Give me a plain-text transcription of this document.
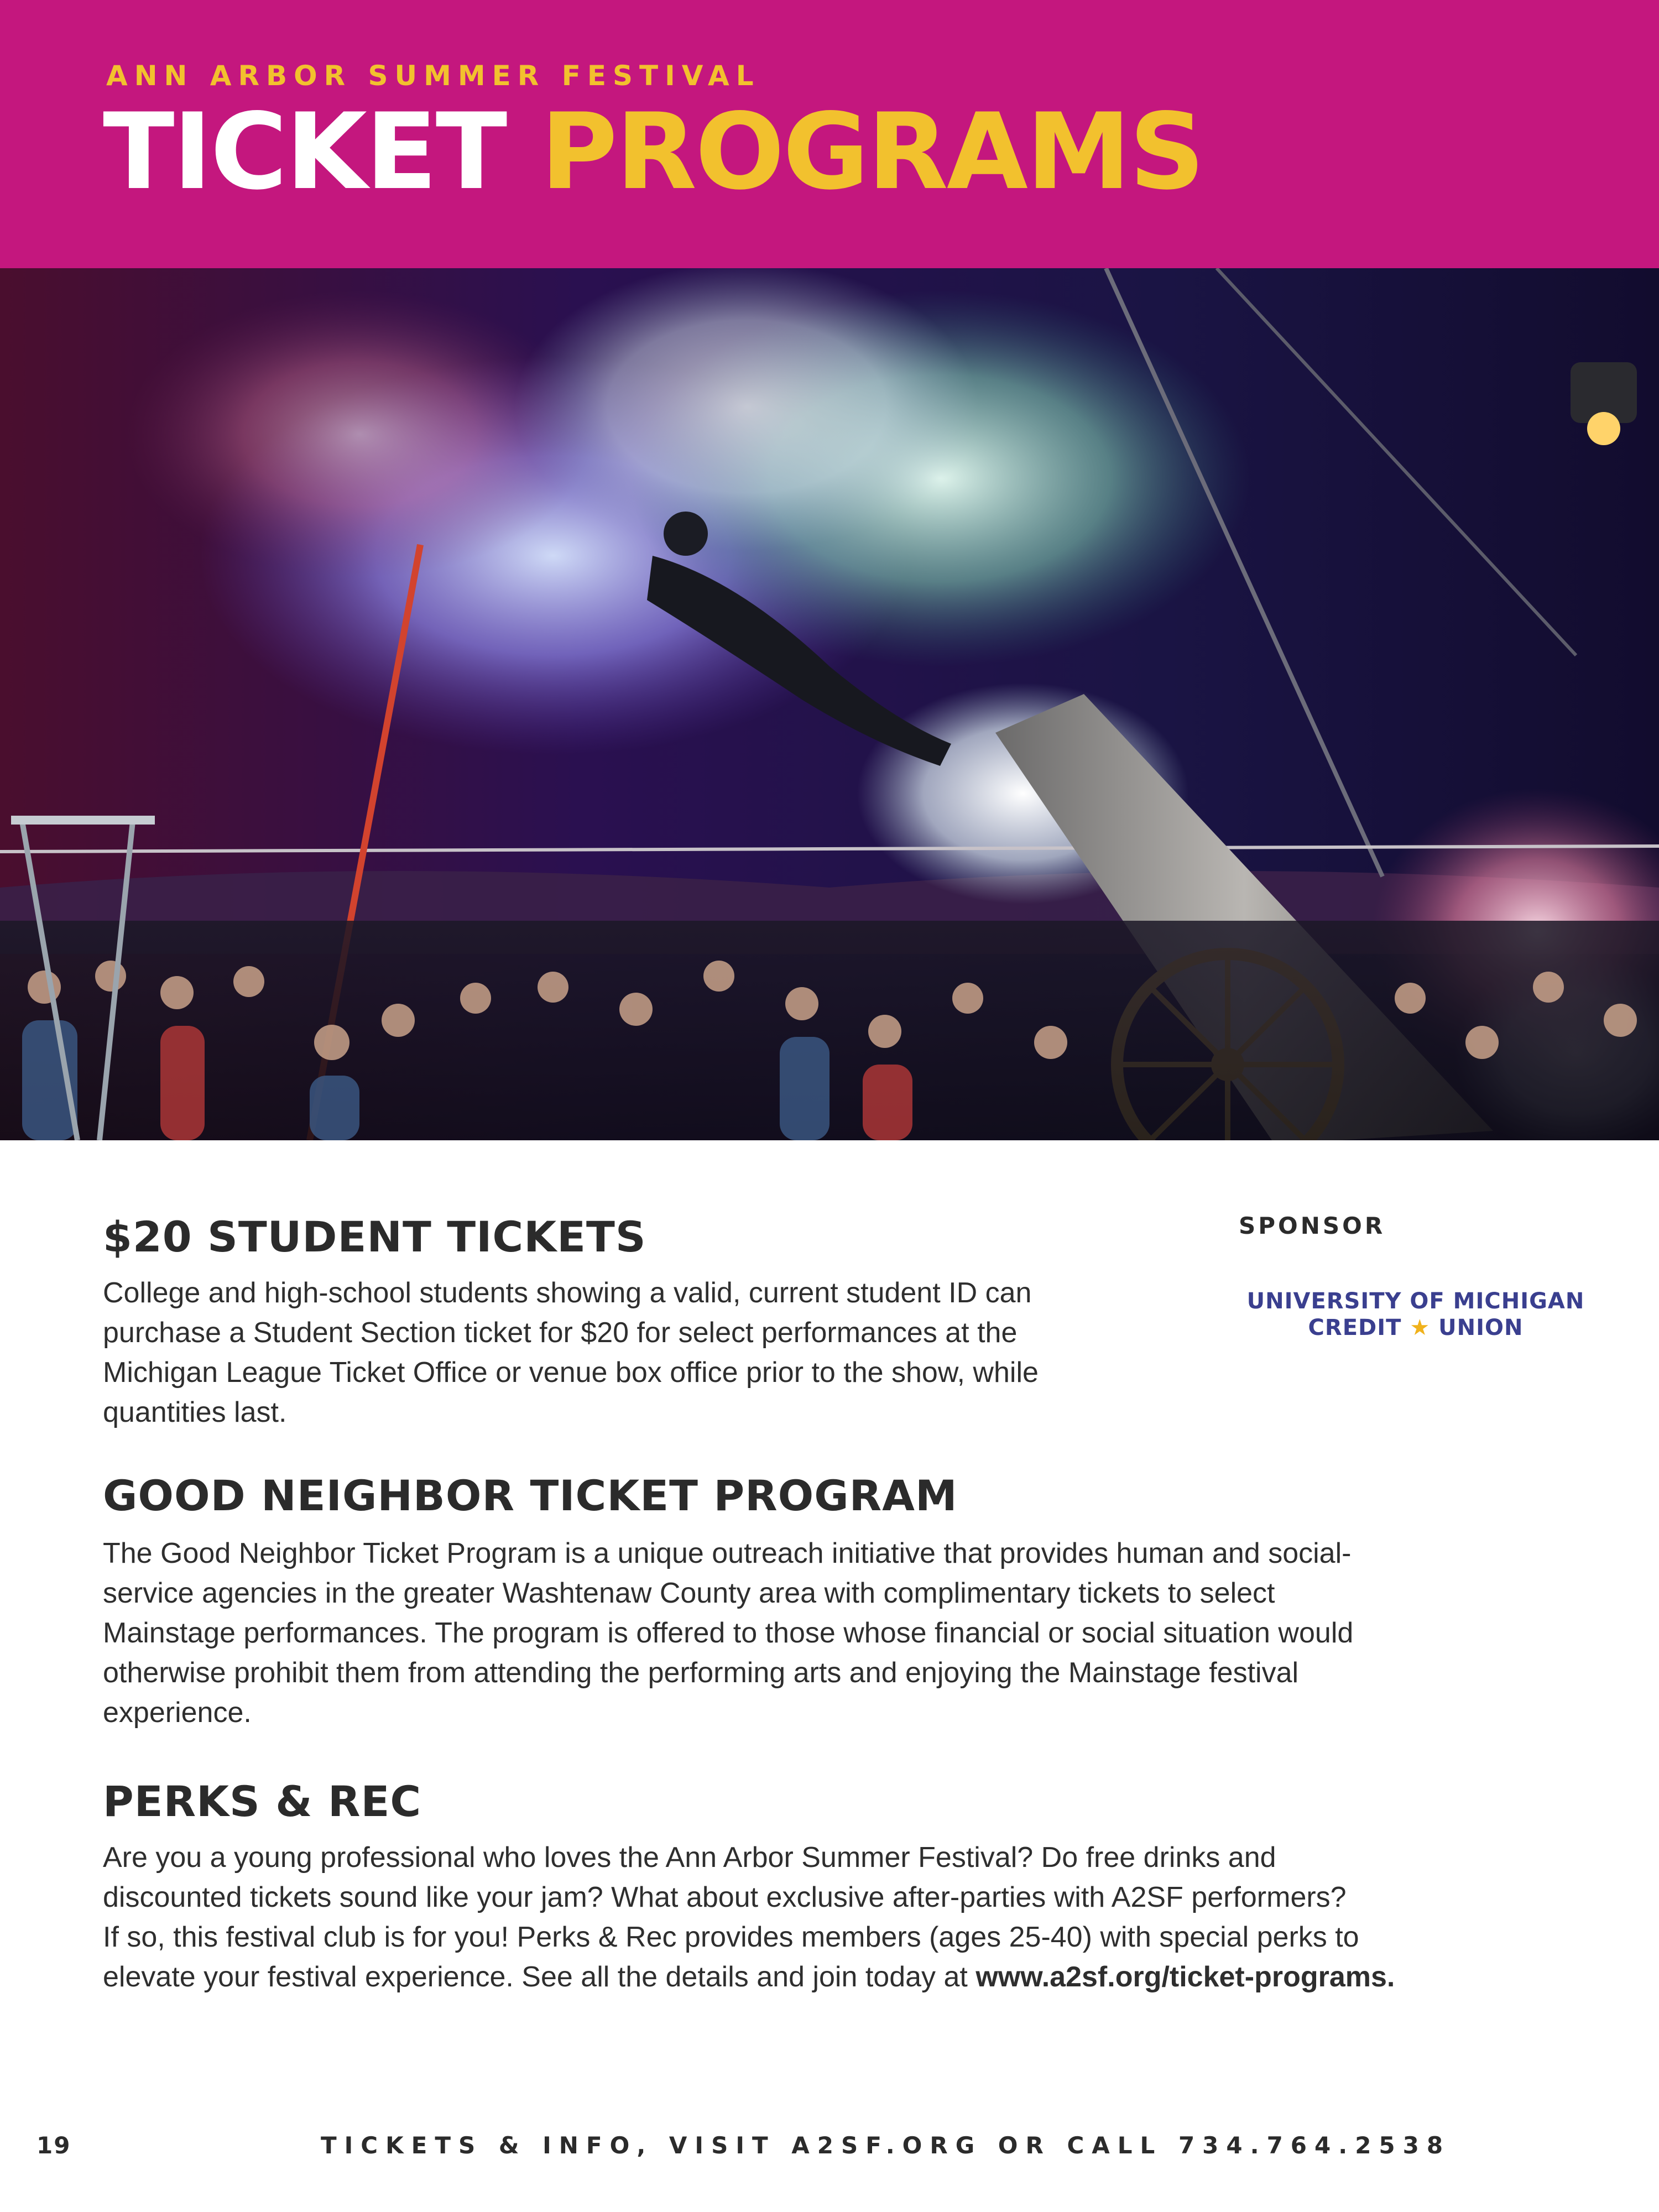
ANN ARBOR SUMMER FESTIVAL
TICKET PROGRAMS
$20 STUDENT TICKETS
College and high-school students showing a valid, current student ID can
purchase a Student Section ticket for $20 for select performances at the
Michigan League Ticket Office or venue box office prior to the show, while
quantities last.
SPONSOR
UNIVERSITY OF MICHIGAN
CREDIT ★ UNION
GOOD NEIGHBOR TICKET PROGRAM
The Good Neighbor Ticket Program is a unique outreach initiative that provides human and social-
service agencies in the greater Washtenaw County area with complimentary tickets to select
Mainstage performances. The program is offered to those whose financial or social situation would
otherwise prohibit them from attending the performing arts and enjoying the Mainstage festival
experience.
PERKS & REC
Are you a young professional who loves the Ann Arbor Summer Festival? Do free drinks and
discounted tickets sound like your jam? What about exclusive after-parties with A2SF performers?
If so, this festival club is for you! Perks & Rec provides members (ages 25-40) with special perks to
elevate your festival experience. See all the details and join today at www.a2sf.org/ticket-programs.
19	TICKETS & INFO, VISIT A2SF.ORG OR CALL 734.764.2538
